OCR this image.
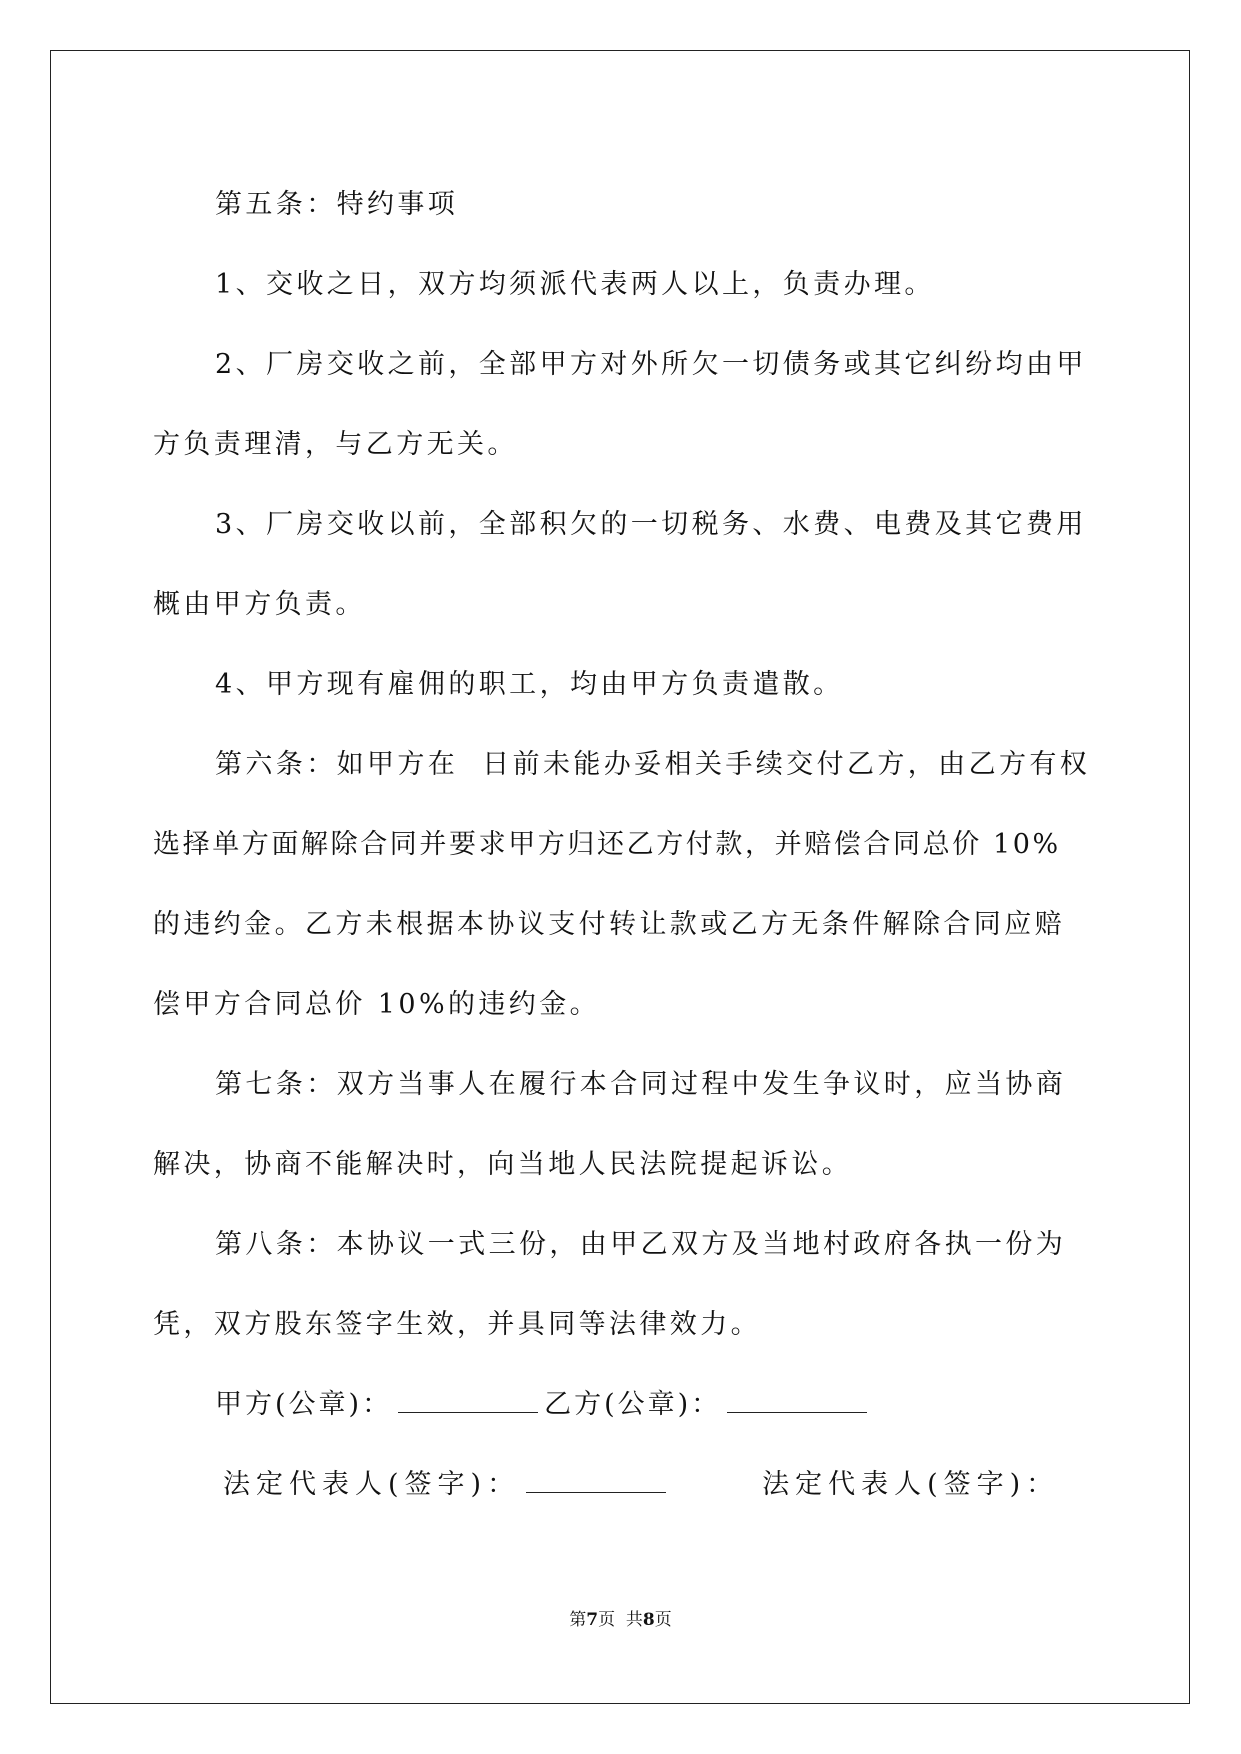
第五条：特约事项
1、交收之日，双方均须派代表两人以上，负责办理。
2、厂房交收之前，全部甲方对外所欠一切债务或其它纠纷均由甲
方负责理清，与乙方无关。
3、厂房交收以前，全部积欠的一切税务、水费、电费及其它费用
概由甲方负责。
4、甲方现有雇佣的职工，均由甲方负责遣散。
第六条：如甲方在  日前未能办妥相关手续交付乙方，由乙方有权
选择单方面解除合同并要求甲方归还乙方付款，并赔偿合同总价 10%
的违约金。乙方未根据本协议支付转让款或乙方无条件解除合同应赔
偿甲方合同总价 10%的违约金。
第七条：双方当事人在履行本合同过程中发生争议时，应当协商
解决，协商不能解决时，向当地人民法院提起诉讼。
第八条：本协议一式三份，由甲乙双方及当地村政府各执一份为
凭，双方股东签字生效，并具同等法律效力。
甲方(公章)：	乙方(公章)：
法定代表人(签字)：	法定代表人(签字)：
第7页  共8页
